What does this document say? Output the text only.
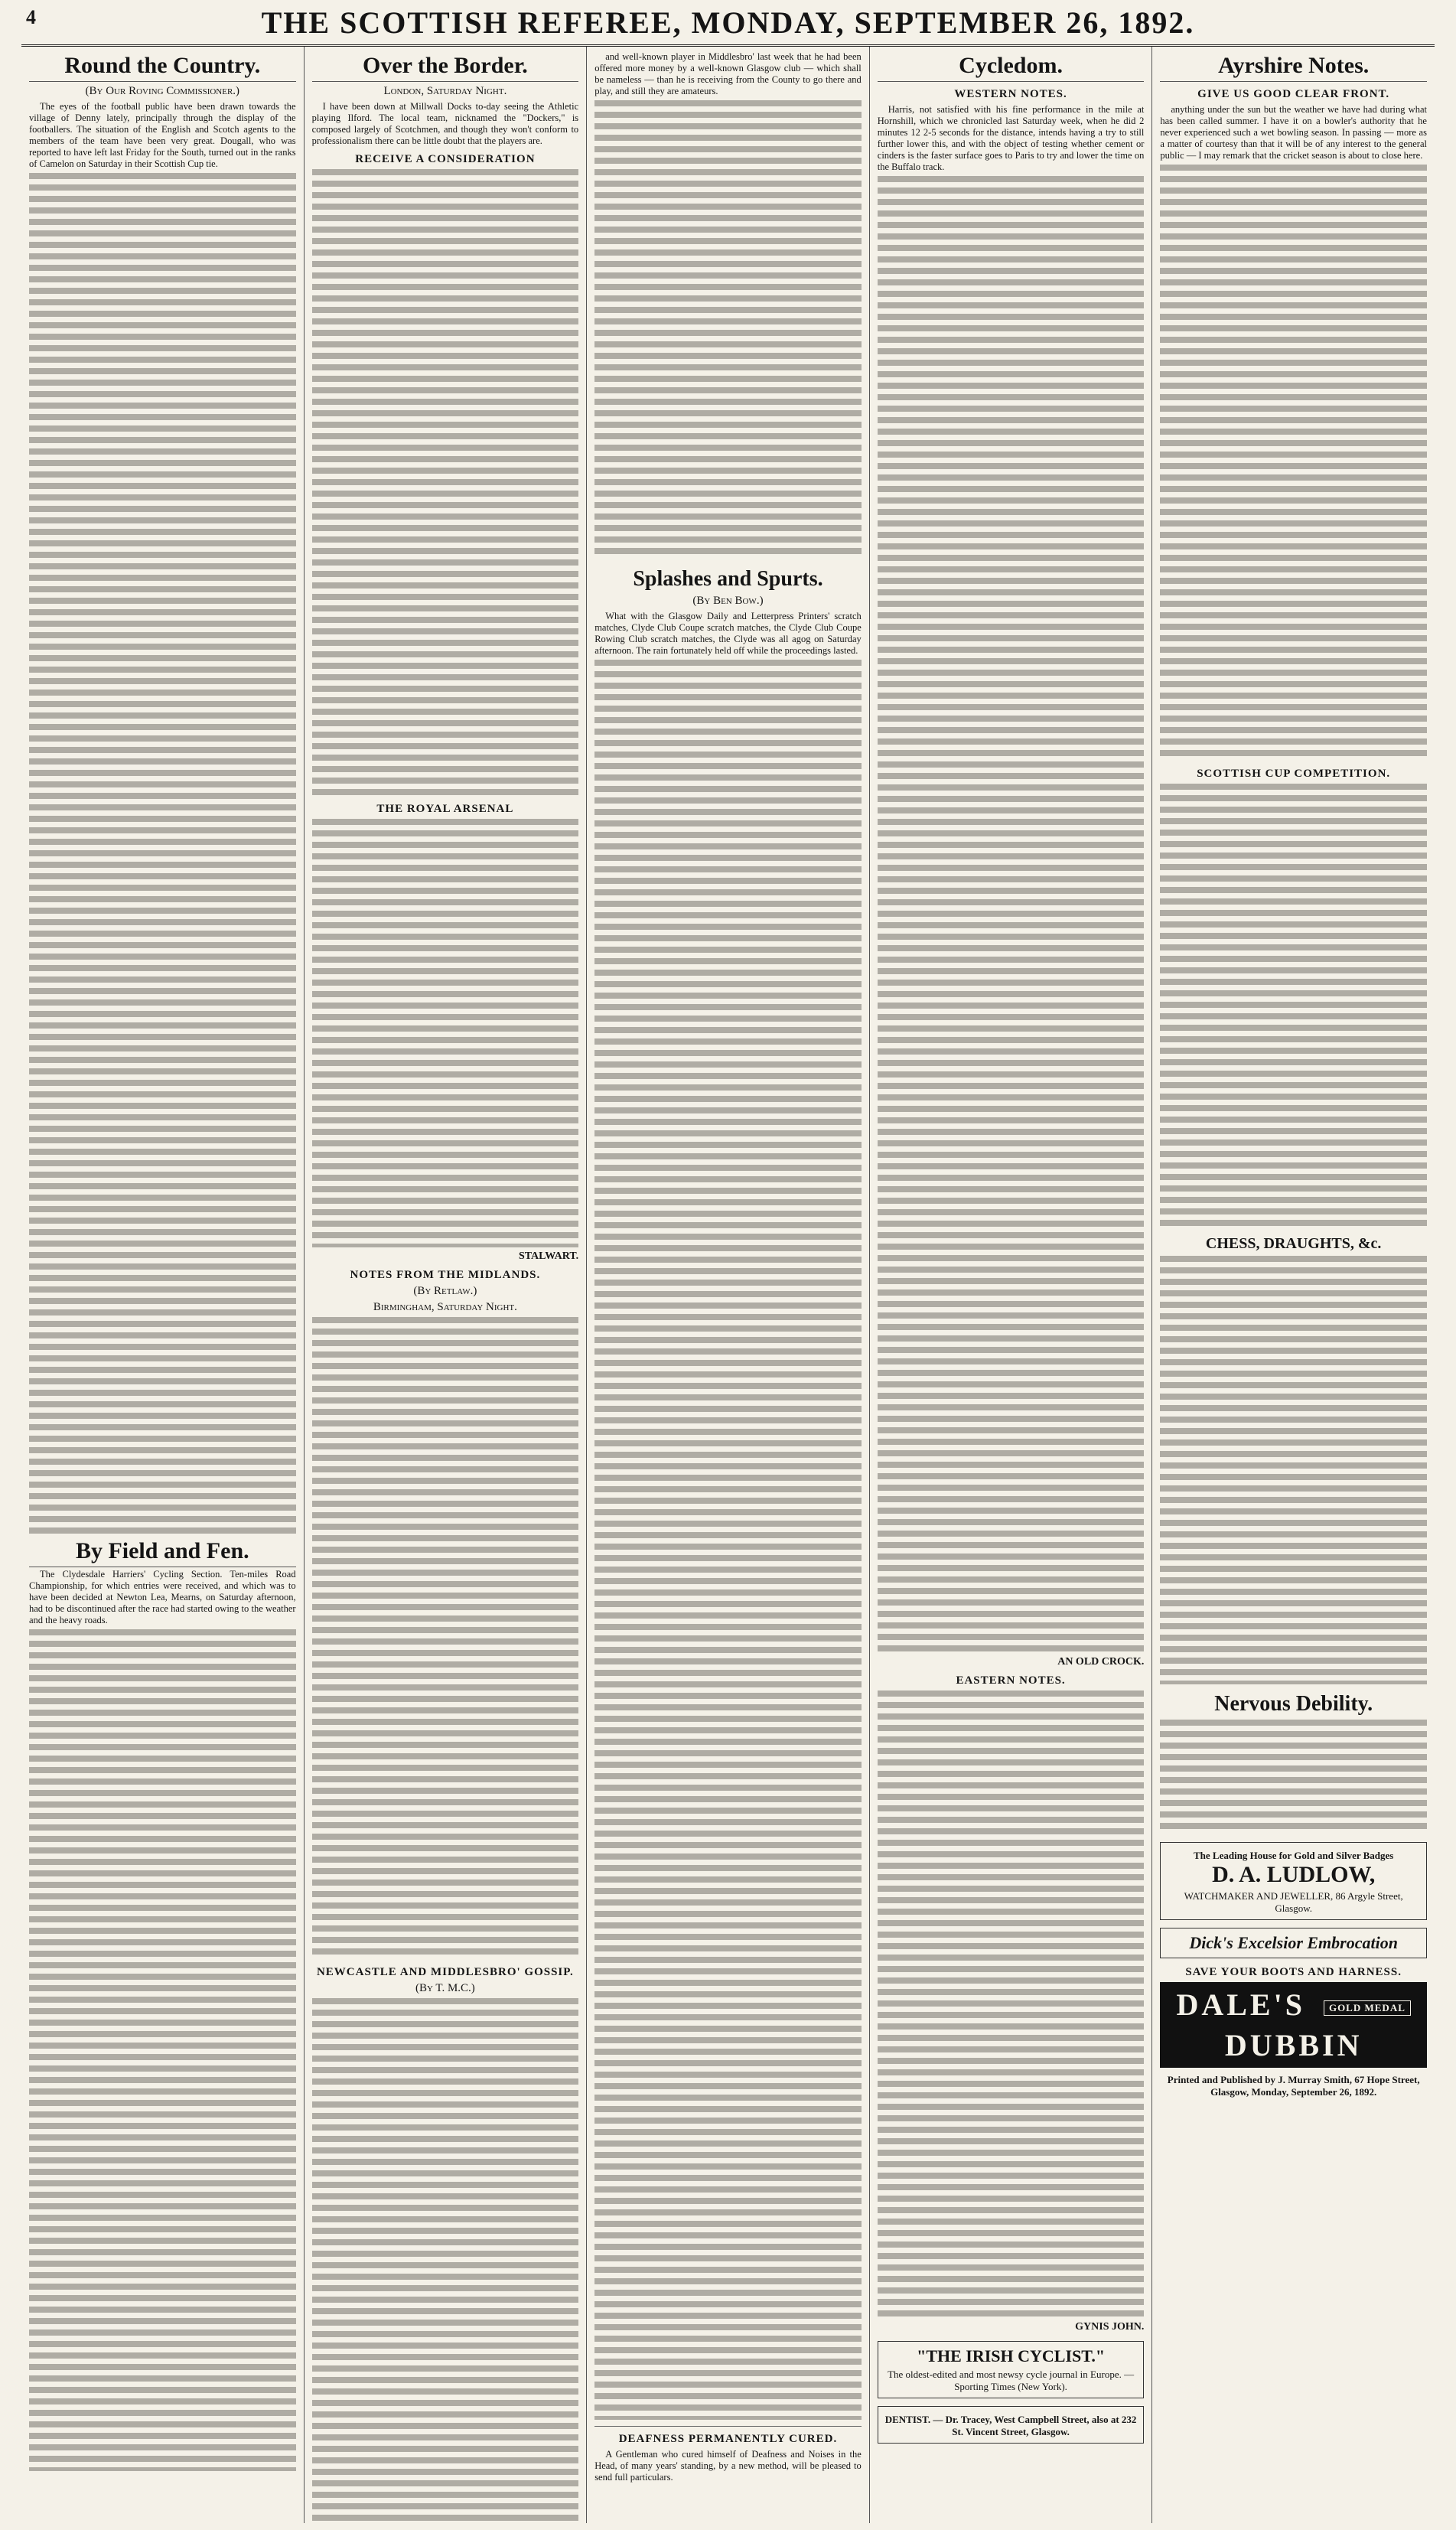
4	THE SCOTTISH REFEREE, MONDAY, SEPTEMBER 26, 1892.
Round the Country.
(By Our Roving Commissioner.)

The eyes of the football public have been drawn towards the village of Denny lately, principally through the display of the footballers. The situation of the English and Scotch agents to the members of the team have been very great. Dougall, who was reported to have left last Friday for the South, turned out in the ranks of Camelon on Saturday in their Scottish Cup tie.

By Field and Fen.

The Clydesdale Harriers' Cycling Section. Ten-miles Road Championship, for which entries were received, and which was to have been decided at Newton Lea, Mearns, on Saturday afternoon, had to be discontinued after the race had started owing to the weather and the heavy roads.

Over the Border.
London, Saturday Night.

I have been down at Millwall Docks to-day seeing the Athletic playing Ilford. The local team, nicknamed the "Dockers," is composed largely of Scotchmen, and though they won't conform to professionalism there can be little doubt that the players are.

RECEIVE A CONSIDERATION
THE ROYAL ARSENAL
STALWART.
NOTES FROM THE MIDLANDS.
(By Retlaw.)
Birmingham, Saturday Night.
NEWCASTLE AND MIDDLESBRO' GOSSIP.
(By T. M.C.)

and well-known player in Middlesbro' last week that he had been offered more money by a well-known Glasgow club — which shall be nameless — than he is receiving from the County to go there and play, and still they are amateurs.

Splashes and Spurts.
(By Ben Bow.)

What with the Glasgow Daily and Letterpress Printers' scratch matches, Clyde Club Coupe scratch matches, the Clyde Club Coupe Rowing Club scratch matches, the Clyde was all agog on Saturday afternoon. The rain fortunately held off while the proceedings lasted.

DEAFNESS PERMANENTLY CURED.

A Gentleman who cured himself of Deafness and Noises in the Head, of many years' standing, by a new method, will be pleased to send full particulars.

Cycledom.
WESTERN NOTES.

Harris, not satisfied with his fine performance in the mile at Hornshill, which we chronicled last Saturday week, when he did 2 minutes 12 2-5 seconds for the distance, intends having a try to still further lower this, and with the object of testing whether cement or cinders is the faster surface goes to Paris to try and lower the time on the Buffalo track.

AN OLD CROCK.
EASTERN NOTES.
GYNIS JOHN.
"THE IRISH CYCLIST."
The oldest-edited and most newsy cycle journal in Europe. — Sporting Times (New York).
DENTIST. — Dr. Tracey, West Campbell Street, also at 232 St. Vincent Street, Glasgow.
Ayrshire Notes.
GIVE US GOOD CLEAR FRONT.

anything under the sun but the weather we have had during what has been called summer. I have it on a bowler's authority that he never experienced such a wet bowling season. In passing — more as a matter of courtesy than that it will be of any interest to the general public — I may remark that the cricket season is about to close here.

SCOTTISH CUP COMPETITION.
CHESS, DRAUGHTS, &c.
Nervous Debility.
The Leading House for Gold and Silver Badges
D. A. LUDLOW,
WATCHMAKER AND JEWELLER, 86 Argyle Street, Glasgow.
Dick's Excelsior Embrocation
SAVE YOUR BOOTS AND HARNESS.
DALE'S GOLD MEDAL
DUBBIN
Printed and Published by J. Murray Smith, 67 Hope Street, Glasgow, Monday, September 26, 1892.
